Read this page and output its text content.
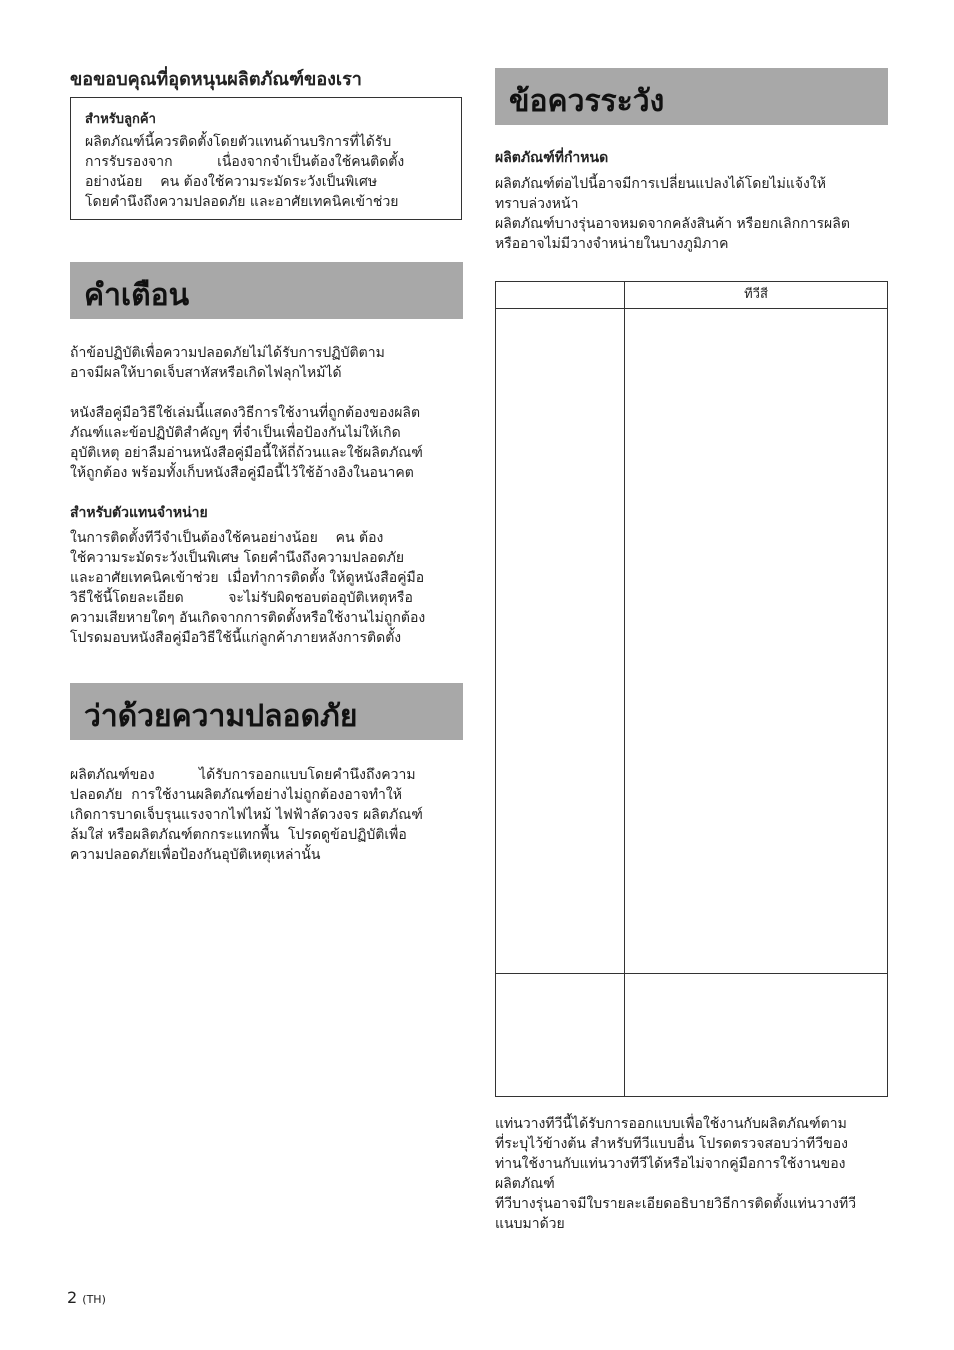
ขอขอบคุณที่อุดหนุนผลิตภัณฑ์ของเรา
สำหรับลูกค้า
ผลิตภัณฑ์นี้ควรติดตั้งโดยตัวแทนด้านบริการที่ได้รับ
การรับรองจาก          เนื่องจากจำเป็นต้องใช้คนติดตั้ง
อย่างน้อย    คน ต้องใช้ความระมัดระวังเป็นพิเศษ
โดยคำนึงถึงความปลอดภัย และอาศัยเทคนิคเข้าช่วย
คำเตือน
ถ้าข้อปฏิบัติเพื่อความปลอดภัยไม่ได้รับการปฏิบัติตาม
อาจมีผลให้บาดเจ็บสาหัสหรือเกิดไฟลุกไหม้ได้
หนังสือคู่มือวิธีใช้เล่มนี้แสดงวิธีการใช้งานที่ถูกต้องของผลิต
ภัณฑ์และข้อปฏิบัติสำคัญๆ ที่จำเป็นเพื่อป้องกันไม่ให้เกิด
อุบัติเหตุ อย่าลืมอ่านหนังสือคู่มือนี้ให้ถี่ถ้วนและใช้ผลิตภัณฑ์
ให้ถูกต้อง พร้อมทั้งเก็บหนังสือคู่มือนี้ไว้ใช้อ้างอิงในอนาคต
สำหรับตัวแทนจำหน่าย
ในการติดตั้งทีวีจำเป็นต้องใช้คนอย่างน้อย    คน ต้อง
ใช้ความระมัดระวังเป็นพิเศษ โดยคำนึงถึงความปลอดภัย
และอาศัยเทคนิคเข้าช่วย  เมื่อทำการติดตั้ง ให้ดูหนังสือคู่มือ
วิธีใช้นี้โดยละเอียด          จะไม่รับผิดชอบต่ออุบัติเหตุหรือ
ความเสียหายใดๆ อันเกิดจากการติดตั้งหรือใช้งานไม่ถูกต้อง
โปรดมอบหนังสือคู่มือวิธีใช้นี้แก่ลูกค้าภายหลังการติดตั้ง
ว่าด้วยความปลอดภัย
ผลิตภัณฑ์ของ          ได้รับการออกแบบโดยคำนึงถึงความ
ปลอดภัย  การใช้งานผลิตภัณฑ์อย่างไม่ถูกต้องอาจทำให้
เกิดการบาดเจ็บรุนแรงจากไฟไหม้ ไฟฟ้าลัดวงจร ผลิตภัณฑ์
ล้มใส่ หรือผลิตภัณฑ์ตกกระแทกพื้น  โปรดดูข้อปฏิบัติเพื่อ
ความปลอดภัยเพื่อป้องกันอุบัติเหตุเหล่านั้น
ข้อควรระวัง
ผลิตภัณฑ์ที่กำหนด
ผลิตภัณฑ์ต่อไปนี้อาจมีการเปลี่ยนแปลงได้โดยไม่แจ้งให้
ทราบล่วงหน้า
ผลิตภัณฑ์บางรุ่นอาจหมดจากคลังสินค้า หรือยกเลิกการผลิต
หรืออาจไม่มีวางจำหน่ายในบางภูมิภาค
ทีวีสี
แท่นวางทีวีนี้ได้รับการออกแบบเพื่อใช้งานกับผลิตภัณฑ์ตาม
ที่ระบุไว้ข้างต้น สำหรับทีวีแบบอื่น โปรดตรวจสอบว่าทีวีของ
ท่านใช้งานกับแท่นวางทีวีได้หรือไม่จากคู่มือการใช้งานของ
ผลิตภัณฑ์
ทีวีบางรุ่นอาจมีใบรายละเอียดอธิบายวิธีการติดตั้งแท่นวางทีวี
แนบมาด้วย
2 (TH)
